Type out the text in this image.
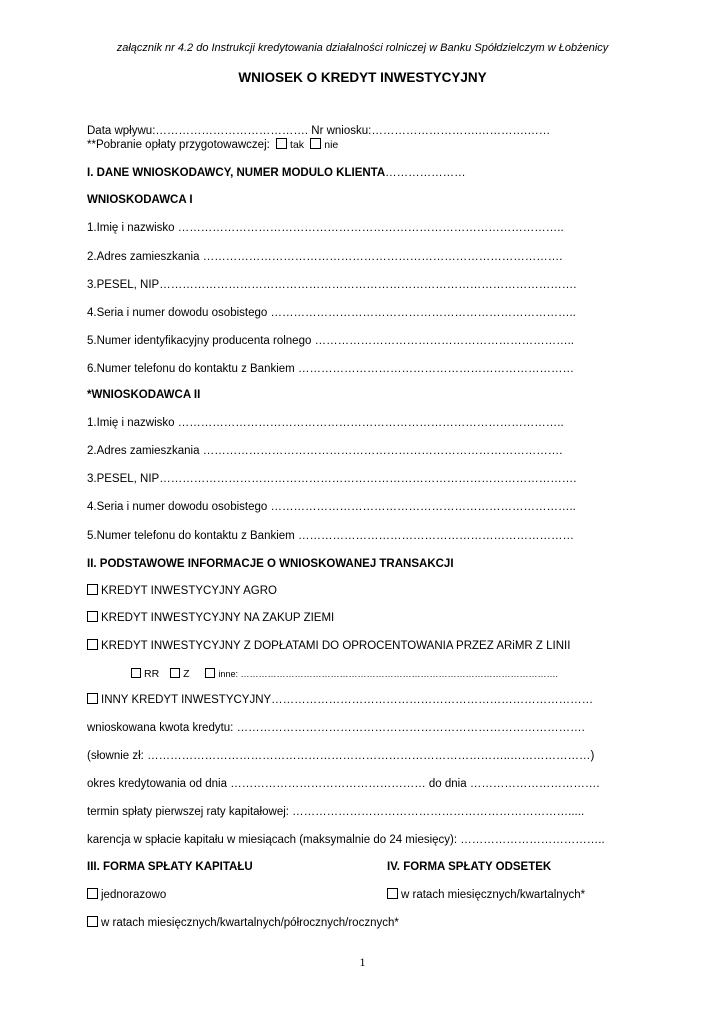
załącznik nr 4.2 do Instrukcji kredytowania działalności rolniczej w Banku Spółdzielczym w Łobżenicy
WNIOSEK O KREDYT INWESTYCYJNY
Data wpływu:…………………………………. Nr wniosku:……………………….………….……
**Pobranie opłaty przygotowawczej: tak nie
I. DANE WNIOSKODAWCY, NUMER MODULO KLIENTA…………………
WNIOSKODAWCA I
1.Imię i nazwisko ………………………………………………………………………………………..
2.Adres zamieszkania ………………………………………………………………………………….
3.PESEL, NIP……………………………………………………………………………………………….
4.Seria i numer dowodu osobistego ……………………………………………………………………..
5.Numer identyfikacyjny producenta rolnego …………………………………………………………..
6.Numer telefonu do kontaktu z Bankiem ………………………………………………………………
*WNIOSKODAWCA II
1.Imię i nazwisko ………………………………………………………………………………………..
2.Adres zamieszkania ………………………………………………………………………………….
3.PESEL, NIP……………………………………………………………………………………………….
4.Seria i numer dowodu osobistego ……………………………………………………………………..
5.Numer telefonu do kontaktu z Bankiem ………………………………………………………………
II. PODSTAWOWE INFORMACJE O WNIOSKOWANEJ TRANSAKCJI
KREDYT INWESTYCYJNY AGRO
KREDYT INWESTYCYJNY NA ZAKUP ZIEMI
KREDYT INWESTYCYJNY Z DOPŁATAMI DO OPROCENTOWANIA PRZEZ ARiMR Z LINII
RR Z	inne: …………………………………………………………………………………………….
INNY KREDYT INWESTYCYJNY…………………………………………………………………………
wnioskowana kwota kredytu: ……………………………………………………………………………….
(słownie zł: …………………………………………………………………………………..…………………)
okres kredytowania od dnia …………………………………………… do dnia …………………………….
termin spłaty pierwszej raty kapitałowej: ……………………………………………………………….....
karencja w spłacie kapitału w miesiącach (maksymalnie do 24 miesięcy): ………………………………..
III. FORMA SPŁATY KAPITAŁU	IV. FORMA SPŁATY ODSETEK
jednorazowo	w ratach miesięcznych/kwartalnych*
w ratach miesięcznych/kwartalnych/półrocznych/rocznych*
1
